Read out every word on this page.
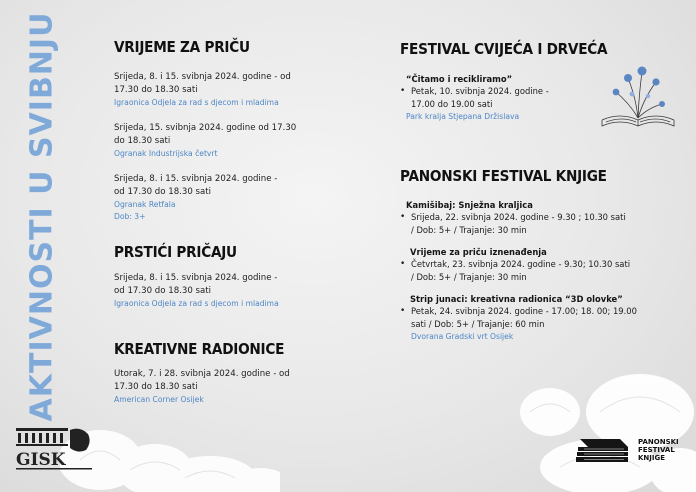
AKTIVNOSTI U SVIBNJU	VRIJEME ZA PRIČU
Srijeda, 8. i 15. svibnja 2024. godine - od
17.30 do 18.30 sati
Igraonica Odjela za rad s djecom i mladima
Srijeda, 15. svibnja 2024. godine od 17.30
do 18.30 sati
Ogranak Industrijska četvrt
Srijeda, 8. i 15. svibnja 2024. godine -
od 17.30 do 18.30 sati
Ogranak Retfala
Dob: 3+
PRSTIĆI PRIČAJU
Srijeda, 8. i 15. svibnja 2024. godine -
od 17.30 do 18.30 sati
Igraonica Odjela za rad s djecom i mladima
KREATIVNE RADIONICE
Utorak, 7. i 28. svibnja 2024. godine - od
17.30 do 18.30 sati
American Corner Osijek
FESTIVAL CVIJEĆA I DRVEĆA
“Čitamo i recikliramo”
• Petak, 10. svibnja 2024. godine -
17.00 do 19.00 sati
Park kralja Stjepana Držislava
PANONSKI FESTIVAL KNJIGE
Kamišibaj: Snježna kraljica
• Srijeda, 22. svibnja 2024. godine - 9.30 ; 10.30 sati
/ Dob: 5+ / Trajanje: 30 min
Vrijeme za priču iznenađenja
• Četvrtak, 23. svibnja 2024. godine - 9.30; 10.30 sati
/ Dob: 5+ / Trajanje: 30 min
Strip junaci: kreativna radionica “3D olovke”
• Petak, 24. svibnja 2024. godine - 17.00; 18. 00; 19.00
sati / Dob: 5+ / Trajanje: 60 min
Dvorana Gradski vrt Osijek
GISK
PANONSKI
FESTIVAL
KNJIGE
